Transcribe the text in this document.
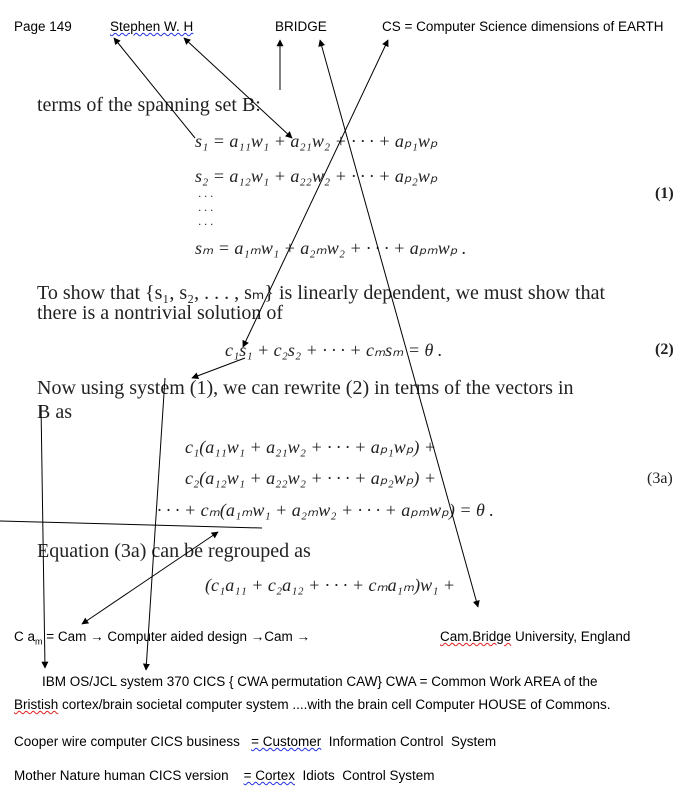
Page 149	Stephen W. H	BRIDGE	CS = Computer Science dimensions of EARTH
terms of the spanning set B:
s₁ = a₁₁w₁ + a₂₁w₂ + · · · + aₚ₁wₚ
s₂ = a₁₂w₁ + a₂₂w₂ + · · · + aₚ₂wₚ
· · ·
· · ·
· · ·
sₘ = a₁ₘw₁ + a₂ₘw₂ + · · · + aₚₘwₚ .
(1)
To show that {s₁, s₂, . . . , sₘ} is linearly dependent, we must show that
there is a nontrivial solution of
c₁s₁ + c₂s₂ + · · · + cₘsₘ = θ .	(2)
Now using system (1), we can rewrite (2) in terms of the vectors in
B as
c₁(a₁₁w₁ + a₂₁w₂ + · · · + aₚ₁wₚ) +
c₂(a₁₂w₁ + a₂₂w₂ + · · · + aₚ₂wₚ) +
· · · + cₘ(a₁ₘw₁ + a₂ₘw₂ + · · · + aₚₘwₚ) = θ .
(3a)
Equation (3a) can be regrouped as
(c₁a₁₁ + c₂a₁₂ + · · · + cₘa₁ₘ)w₁ +
C $a_m$ = Cam → Computer aided design →Cam →	Cam.Bridge University, England
IBM OS/JCL system 370 CICS { CWA permutation CAW} CWA = Common Work AREA of the
Bristish cortex/brain societal computer system ....with the brain cell Computer HOUSE of Commons.
Cooper wire computer CICS business   = Customer  Information Control  System
Mother Nature human CICS version    = Cortex  Idiots  Control System
